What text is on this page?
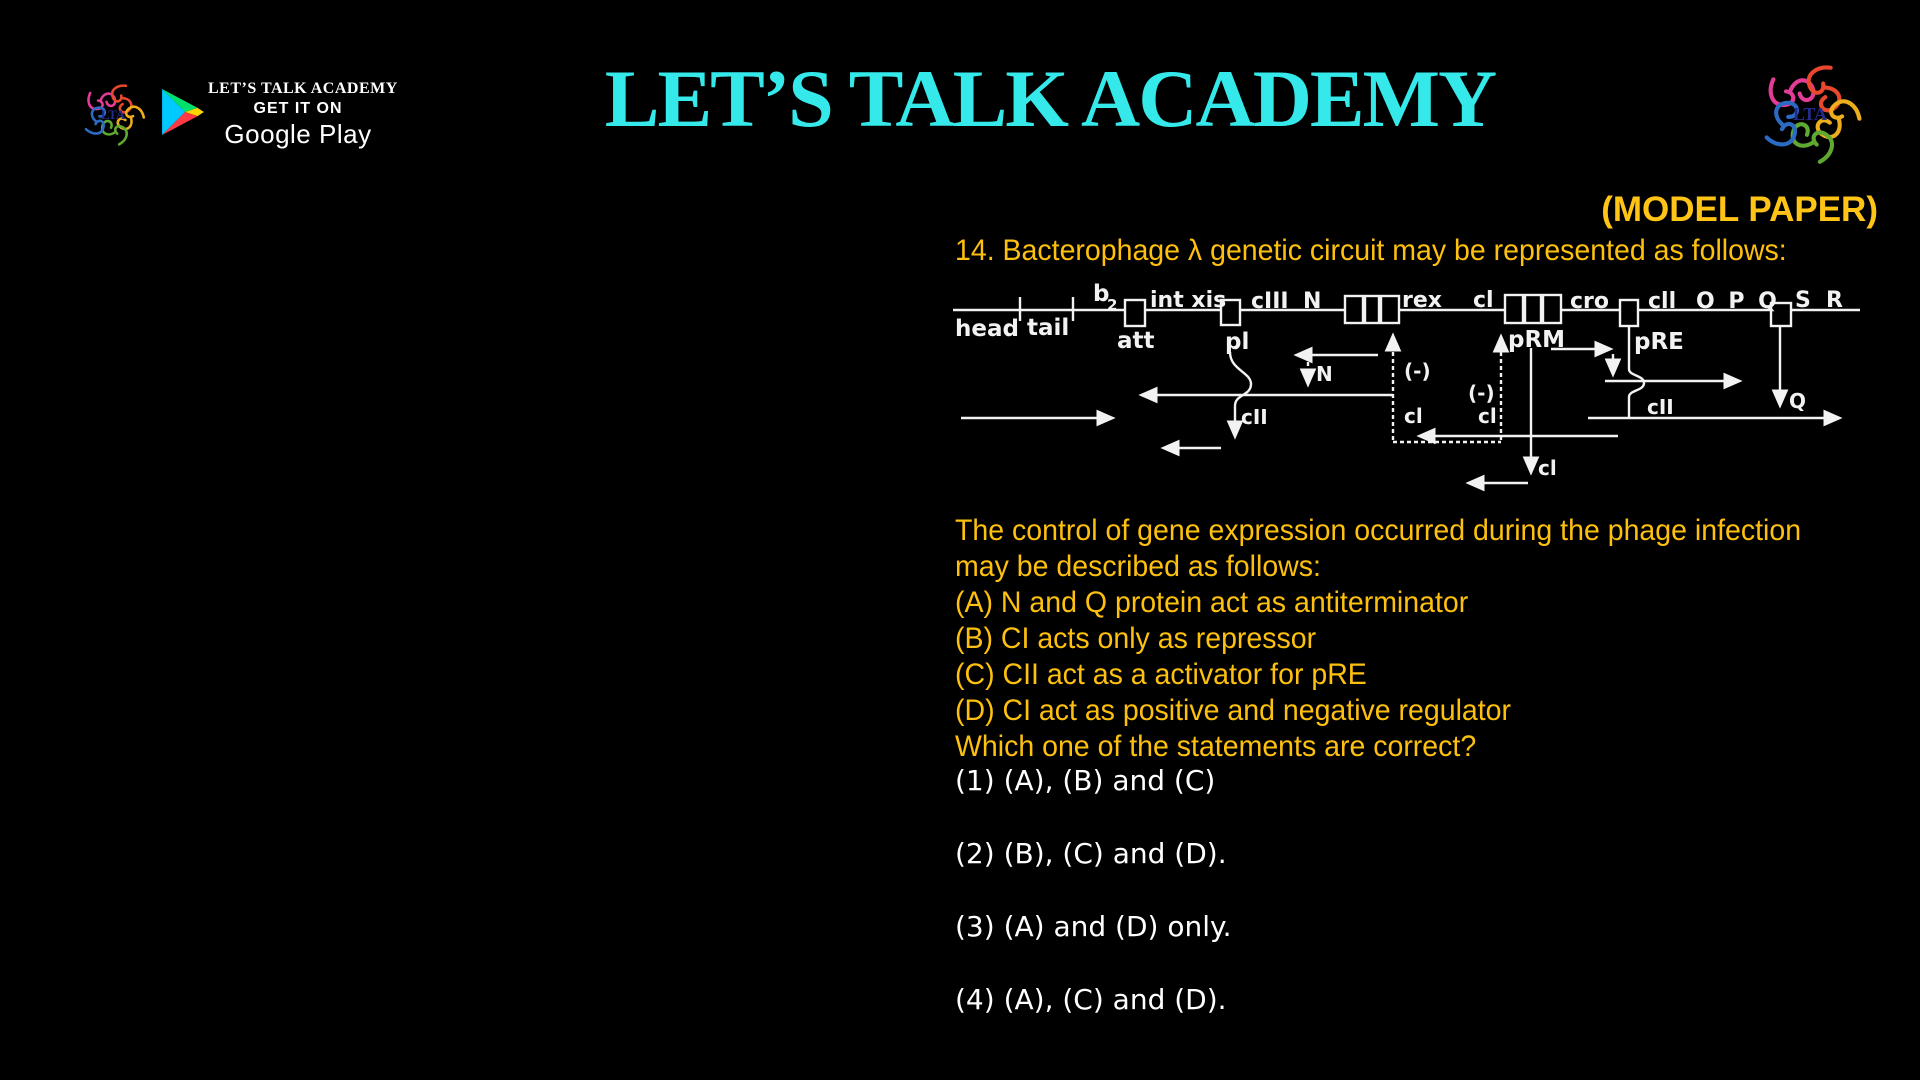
LTA
LET’S TALK ACADEMY
GET IT ON
Google Play	LET’S TALK ACADEMY	LTA
(MODEL PAPER)
14. Bacterophage λ genetic circuit may be represented as follows:
b
2 int xis cIII N	rex cl	cro cll O P Q S R
head tail att	pl	pRM	pRE
N	(-)
cl
(-)
cl
cII	cII
cl
Q
The control of gene expression occurred during the phage infection
may be described as follows:
(A) N and Q protein act as antiterminator
(B) CI acts only as repressor
(C) CII act as a activator for pRE
(D) CI act as positive and negative regulator
Which one of the statements are correct?
(1) (A), (B) and (C)
(2) (B), (C) and (D).
(3) (A) and (D) only.
(4) (A), (C) and (D).
